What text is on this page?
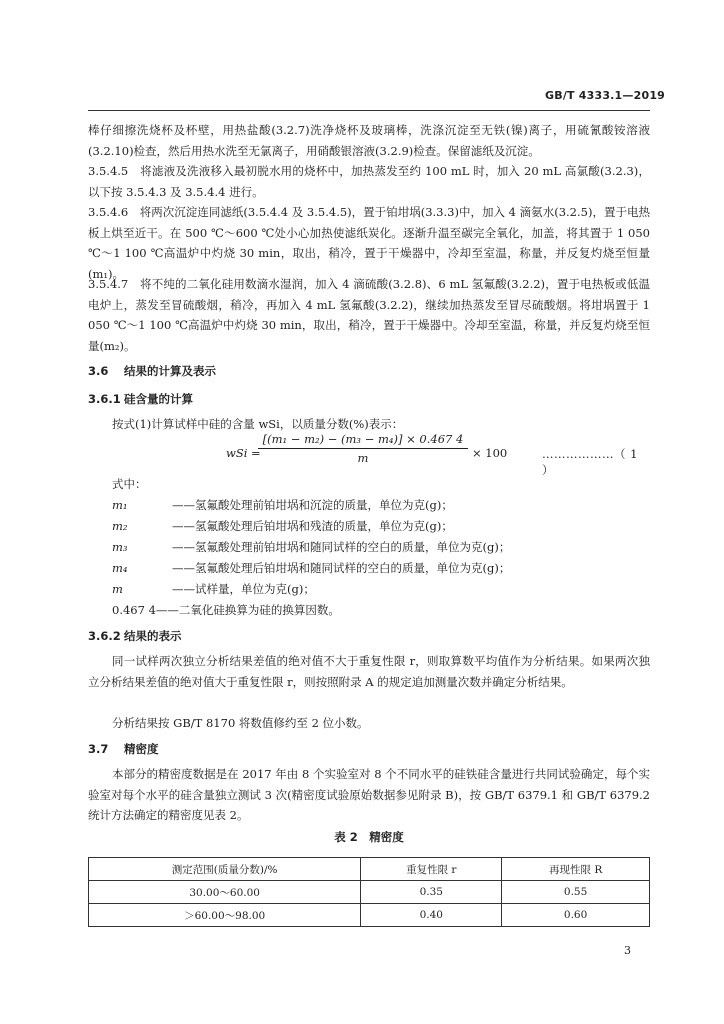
GB/T 4333.1—2019
棒仔细擦洗烧杯及杯壁，用热盐酸(3.2.7)洗净烧杯及玻璃棒，洗涤沉淀至无铁(镍)离子，用硫氰酸铵溶液(3.2.10)检查，然后用热水洗至无氯离子，用硝酸银溶液(3.2.9)检查。保留滤纸及沉淀。
3.5.4.5　将滤液及洗液移入最初脱水用的烧杯中，加热蒸发至约 100 mL 时，加入 20 mL 高氯酸(3.2.3)，以下按 3.5.4.3 及 3.5.4.4 进行。
3.5.4.6　将两次沉淀连同滤纸(3.5.4.4 及 3.5.4.5)，置于铂坩埚(3.3.3)中，加入 4 滴氨水(3.2.5)，置于电热板上烘至近干。在 500 ℃～600 ℃处小心加热使滤纸炭化。逐渐升温至碳完全氧化，加盖，将其置于 1 050 ℃～1 100 ℃高温炉中灼烧 30 min，取出，稍冷，置于干燥器中，冷却至室温，称量，并反复灼烧至恒量(m₁)。
3.5.4.7　将不纯的二氧化硅用数滴水湿润，加入 4 滴硫酸(3.2.8)、6 mL 氢氟酸(3.2.2)，置于电热板或低温电炉上，蒸发至冒硫酸烟，稍冷，再加入 4 mL 氢氟酸(3.2.2)，继续加热蒸发至冒尽硫酸烟。将坩埚置于 1 050 ℃～1 100 ℃高温炉中灼烧 30 min，取出，稍冷，置于干燥器中。冷却至室温，称量，并反复灼烧至恒量(m₂)。
3.6 结果的计算及表示
3.6.1 硅含量的计算
按式(1)计算试样中硅的含量 wSi，以质量分数(%)表示：
wSi =
$\frac{\text{[(m₁ − m₂) − (m₃ − m₄)] × 0.467 4}}{m} \times 100$	………………（ 1 ）
式中：
m₁	——氢氟酸处理前铂坩埚和沉淀的质量，单位为克(g)；
m₂	——氢氟酸处理后铂坩埚和残渣的质量，单位为克(g)；
m₃	——氢氟酸处理前铂坩埚和随同试样的空白的质量，单位为克(g)；
m₄	——氢氟酸处理后铂坩埚和随同试样的空白的质量，单位为克(g)；
m	——试样量，单位为克(g)；
0.467 4——二氧化硅换算为硅的换算因数。
3.6.2 结果的表示
同一试样两次独立分析结果差值的绝对值不大于重复性限 r，则取算数平均值作为分析结果。如果两次独立分析结果差值的绝对值大于重复性限 r，则按照附录 A 的规定追加测量次数并确定分析结果。
分析结果按 GB/T 8170 将数值修约至 2 位小数。
3.7 精密度
本部分的精密度数据是在 2017 年由 8 个实验室对 8 个不同水平的硅铁硅含量进行共同试验确定，每个实验室对每个水平的硅含量独立测试 3 次(精密度试验原始数据参见附录 B)，按 GB/T 6379.1 和 GB/T 6379.2 统计方法确定的精密度见表 2。
表 2　精密度
测定范围(质量分数)/%	重复性限 r	再现性限 R
30.00～60.00	0.35	0.55
＞60.00～98.00	0.40	0.60
3
